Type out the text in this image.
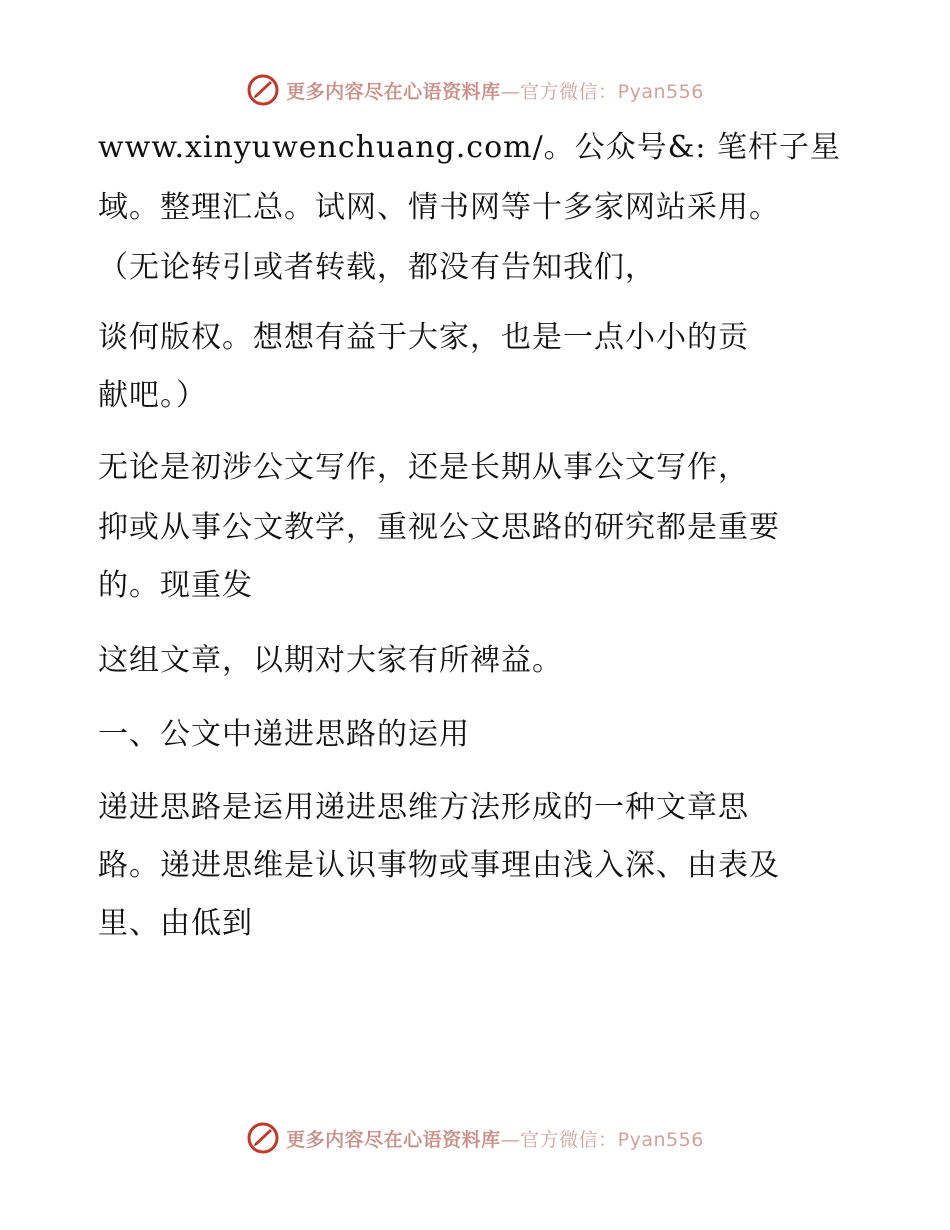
更多内容尽在心语资料库—官方微信：Pyan556
www.xinyuwenchuang.com/。公众号&: 笔杆子星
域。整理汇总。试网、情书网等十多家网站采用。
（无论转引或者转载，都没有告知我们，
谈何版权。想想有益于大家，也是一点小小的贡
献吧。）
无论是初涉公文写作，还是长期从事公文写作，
抑或从事公文教学，重视公文思路的研究都是重要
的。现重发
这组文章，以期对大家有所裨益。
一、公文中递进思路的运用
递进思路是运用递进思维方法形成的一种文章思
路。递进思维是认识事物或事理由浅入深、由表及
里、由低到
更多内容尽在心语资料库—官方微信：Pyan556
